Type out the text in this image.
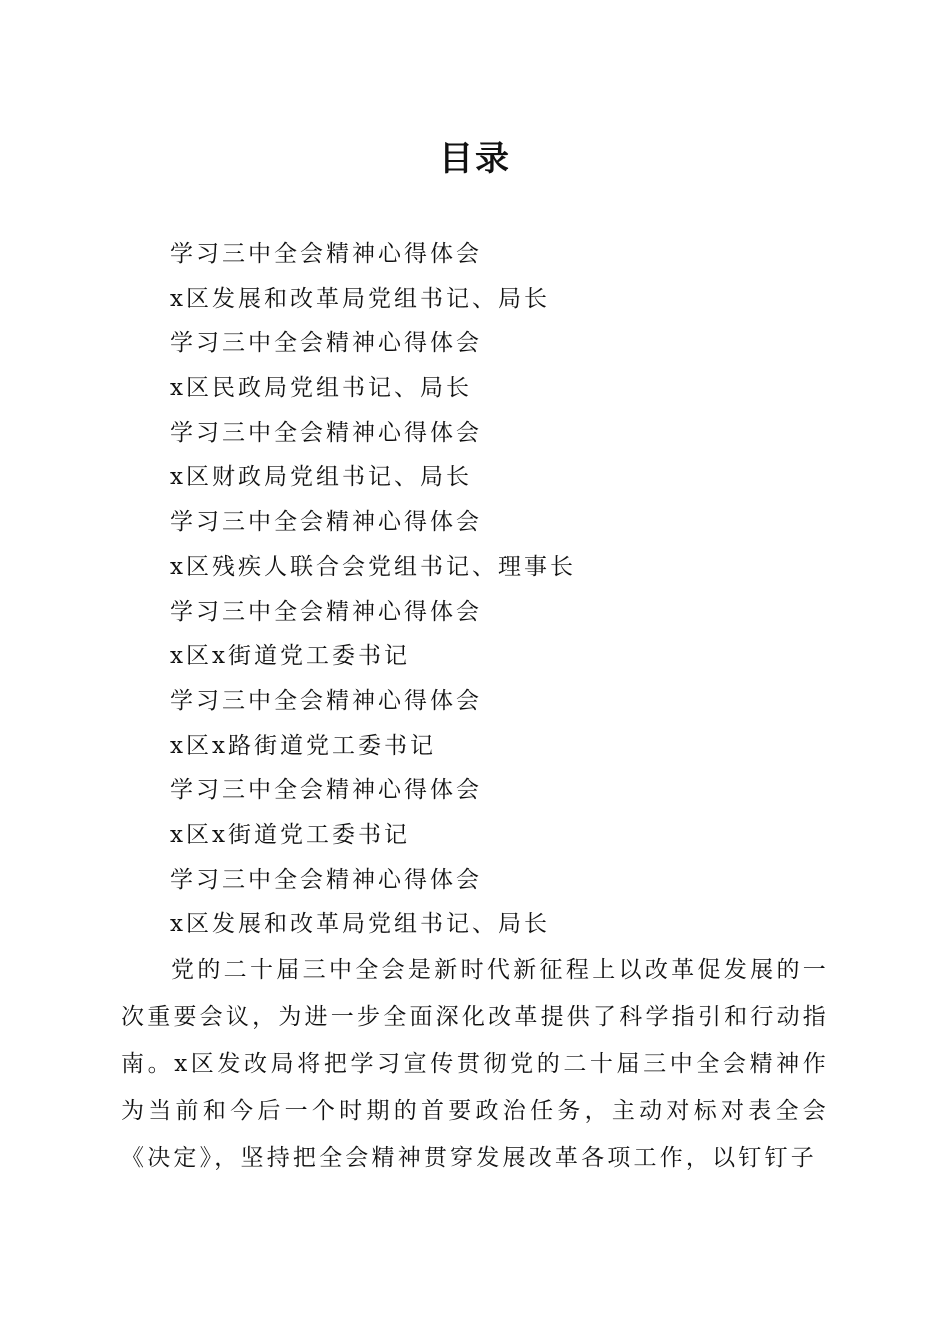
目录
学习三中全会精神心得体会
x区发展和改革局党组书记、局长
学习三中全会精神心得体会
x区民政局党组书记、局长
学习三中全会精神心得体会
x区财政局党组书记、局长
学习三中全会精神心得体会
x区残疾人联合会党组书记、理事长
学习三中全会精神心得体会
x区x街道党工委书记
学习三中全会精神心得体会
x区x路街道党工委书记
学习三中全会精神心得体会
x区x街道党工委书记
学习三中全会精神心得体会
x区发展和改革局党组书记、局长

党的二十届三中全会是新时代新征程上以改革促发展的一次重要会议，为进一步全面深化改革提供了科学指引和行动指南。x区发改局将把学习宣传贯彻党的二十届三中全会精神作为当前和今后一个时期的首要政治任务，主动对标对表全会《决定》，坚持把全会精神贯穿发展改革各项工作，以钉钉子
